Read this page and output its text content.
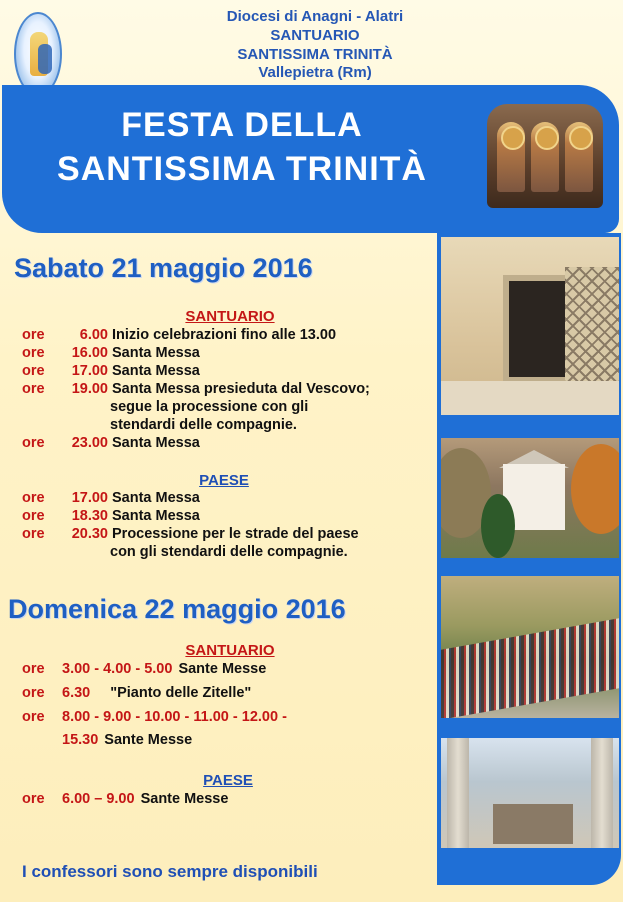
Diocesi di Anagni - Alatri
SANTUARIO
SANTISSIMA TRINITÀ
Vallepietra (Rm)
FESTA DELLA
SANTISSIMA TRINITÀ
Sabato 21 maggio 2016
SANTUARIO
ore 6.00 Inizio celebrazioni fino alle 13.00
ore 16.00 Santa Messa
ore 17.00 Santa Messa
ore 19.00 Santa Messa presieduta dal Vescovo;
segue la processione con gli
stendardi delle compagnie.
ore 23.00 Santa Messa
PAESE
ore 17.00 Santa Messa
ore 18.30 Santa Messa
ore 20.30 Processione per le strade del paese
con gli stendardi delle compagnie.
Domenica 22 maggio 2016
SANTUARIO
ore 3.00 - 4.00 - 5.00 Sante Messe
ore 6.30 "Pianto delle Zitelle"
ore 8.00 - 9.00 - 10.00 - 11.00 - 12.00 -
15.30 Sante Messe
PAESE
ore 6.00 – 9.00 Sante Messe
I confessori sono sempre disponibili
